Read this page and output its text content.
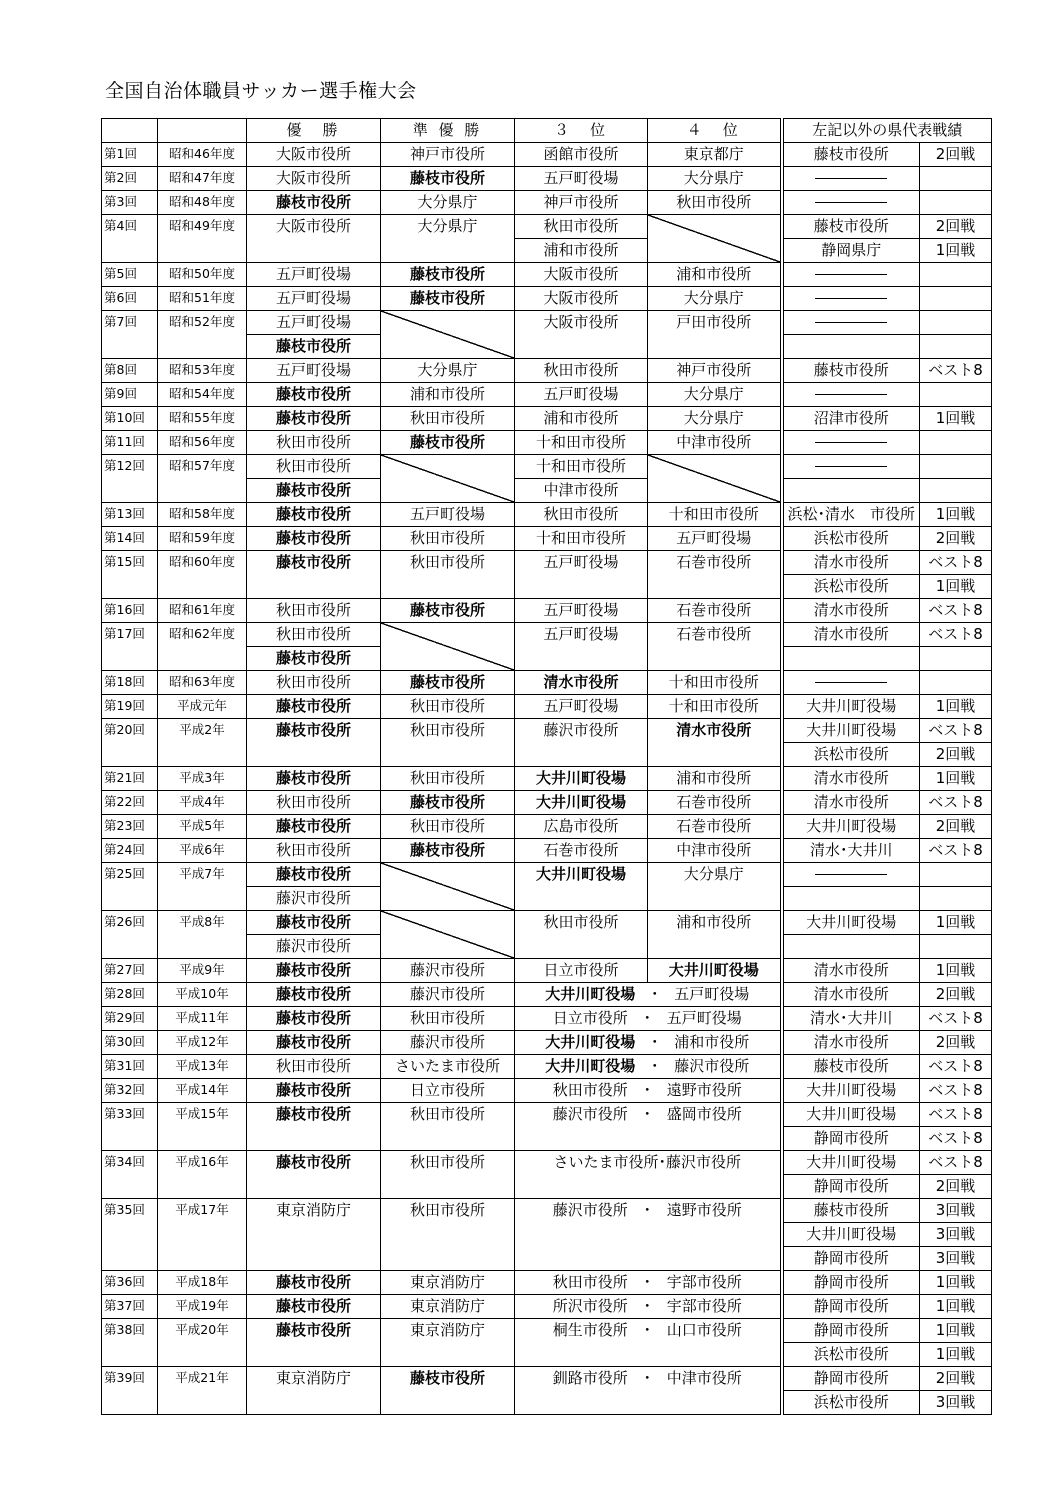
全国自治体職員サッカー選手権大会
		優　勝	準 優 勝	３　位	４　位	左記以外の県代表戦績	
第1回	昭和46年度	大阪市役所	神戸市役所	函館市役所	東京都庁	藤枝市役所	2回戦
第2回	昭和47年度	大阪市役所	藤枝市役所	五戸町役場	大分県庁		
第3回	昭和48年度	藤枝市役所	大分県庁	神戸市役所	秋田市役所		
第4回	昭和49年度	大阪市役所	大分県庁	秋田市役所		藤枝市役所	2回戦
				浦和市役所		静岡県庁	1回戦
第5回	昭和50年度	五戸町役場	藤枝市役所	大阪市役所	浦和市役所		
第6回	昭和51年度	五戸町役場	藤枝市役所	大阪市役所	大分県庁		
第7回	昭和52年度	五戸町役場		大阪市役所	戸田市役所		
		藤枝市役所					
第8回	昭和53年度	五戸町役場	大分県庁	秋田市役所	神戸市役所	藤枝市役所	ベスト8
第9回	昭和54年度	藤枝市役所	浦和市役所	五戸町役場	大分県庁		
第10回	昭和55年度	藤枝市役所	秋田市役所	浦和市役所	大分県庁	沼津市役所	1回戦
第11回	昭和56年度	秋田市役所	藤枝市役所	十和田市役所	中津市役所		
第12回	昭和57年度	秋田市役所		十和田市役所			
		藤枝市役所		中津市役所			
第13回	昭和58年度	藤枝市役所	五戸町役場	秋田市役所	十和田市役所	浜松･清水　市役所	1回戦
第14回	昭和59年度	藤枝市役所	秋田市役所	十和田市役所	五戸町役場	浜松市役所	2回戦
第15回	昭和60年度	藤枝市役所	秋田市役所	五戸町役場	石巻市役所	清水市役所	ベスト8
						浜松市役所	1回戦
第16回	昭和61年度	秋田市役所	藤枝市役所	五戸町役場	石巻市役所	清水市役所	ベスト8
第17回	昭和62年度	秋田市役所		五戸町役場	石巻市役所	清水市役所	ベスト8
		藤枝市役所					
第18回	昭和63年度	秋田市役所	藤枝市役所	清水市役所	十和田市役所		
第19回	平成元年	藤枝市役所	秋田市役所	五戸町役場	十和田市役所	大井川町役場	1回戦
第20回	平成2年	藤枝市役所	秋田市役所	藤沢市役所	清水市役所	大井川町役場	ベスト8
						浜松市役所	2回戦
第21回	平成3年	藤枝市役所	秋田市役所	大井川町役場	浦和市役所	清水市役所	1回戦
第22回	平成4年	秋田市役所	藤枝市役所	大井川町役場	石巻市役所	清水市役所	ベスト8
第23回	平成5年	藤枝市役所	秋田市役所	広島市役所	石巻市役所	大井川町役場	2回戦
第24回	平成6年	秋田市役所	藤枝市役所	石巻市役所	中津市役所	清水･大井川	ベスト8
第25回	平成7年	藤枝市役所		大井川町役場	大分県庁		
		藤沢市役所					
第26回	平成8年	藤枝市役所		秋田市役所	浦和市役所	大井川町役場	1回戦
		藤沢市役所					
第27回	平成9年	藤枝市役所	藤沢市役所	日立市役所	大井川町役場	清水市役所	1回戦
第28回	平成10年	藤枝市役所	藤沢市役所	大井川町役場 ・ 五戸町役場		清水市役所	2回戦
第29回	平成11年	藤枝市役所	秋田市役所	日立市役所 ・ 五戸町役場		清水･大井川	ベスト8
第30回	平成12年	藤枝市役所	藤沢市役所	大井川町役場 ・ 浦和市役所		清水市役所	2回戦
第31回	平成13年	秋田市役所	さいたま市役所	大井川町役場 ・ 藤沢市役所		藤枝市役所	ベスト8
第32回	平成14年	藤枝市役所	日立市役所	秋田市役所 ・ 遠野市役所		大井川町役場	ベスト8
第33回	平成15年	藤枝市役所	秋田市役所	藤沢市役所 ・ 盛岡市役所		大井川町役場	ベスト8
						静岡市役所	ベスト8
第34回	平成16年	藤枝市役所	秋田市役所	さいたま市役所･藤沢市役所		大井川町役場	ベスト8
						静岡市役所	2回戦
第35回	平成17年	東京消防庁	秋田市役所	藤沢市役所 ・ 遠野市役所		藤枝市役所	3回戦
						大井川町役場	3回戦
						静岡市役所	3回戦
第36回	平成18年	藤枝市役所	東京消防庁	秋田市役所 ・ 宇部市役所		静岡市役所	1回戦
第37回	平成19年	藤枝市役所	東京消防庁	所沢市役所 ・ 宇部市役所		静岡市役所	1回戦
第38回	平成20年	藤枝市役所	東京消防庁	桐生市役所 ・ 山口市役所		静岡市役所	1回戦
						浜松市役所	1回戦
第39回	平成21年	東京消防庁	藤枝市役所	釧路市役所 ・ 中津市役所		静岡市役所	2回戦
						浜松市役所	3回戦
